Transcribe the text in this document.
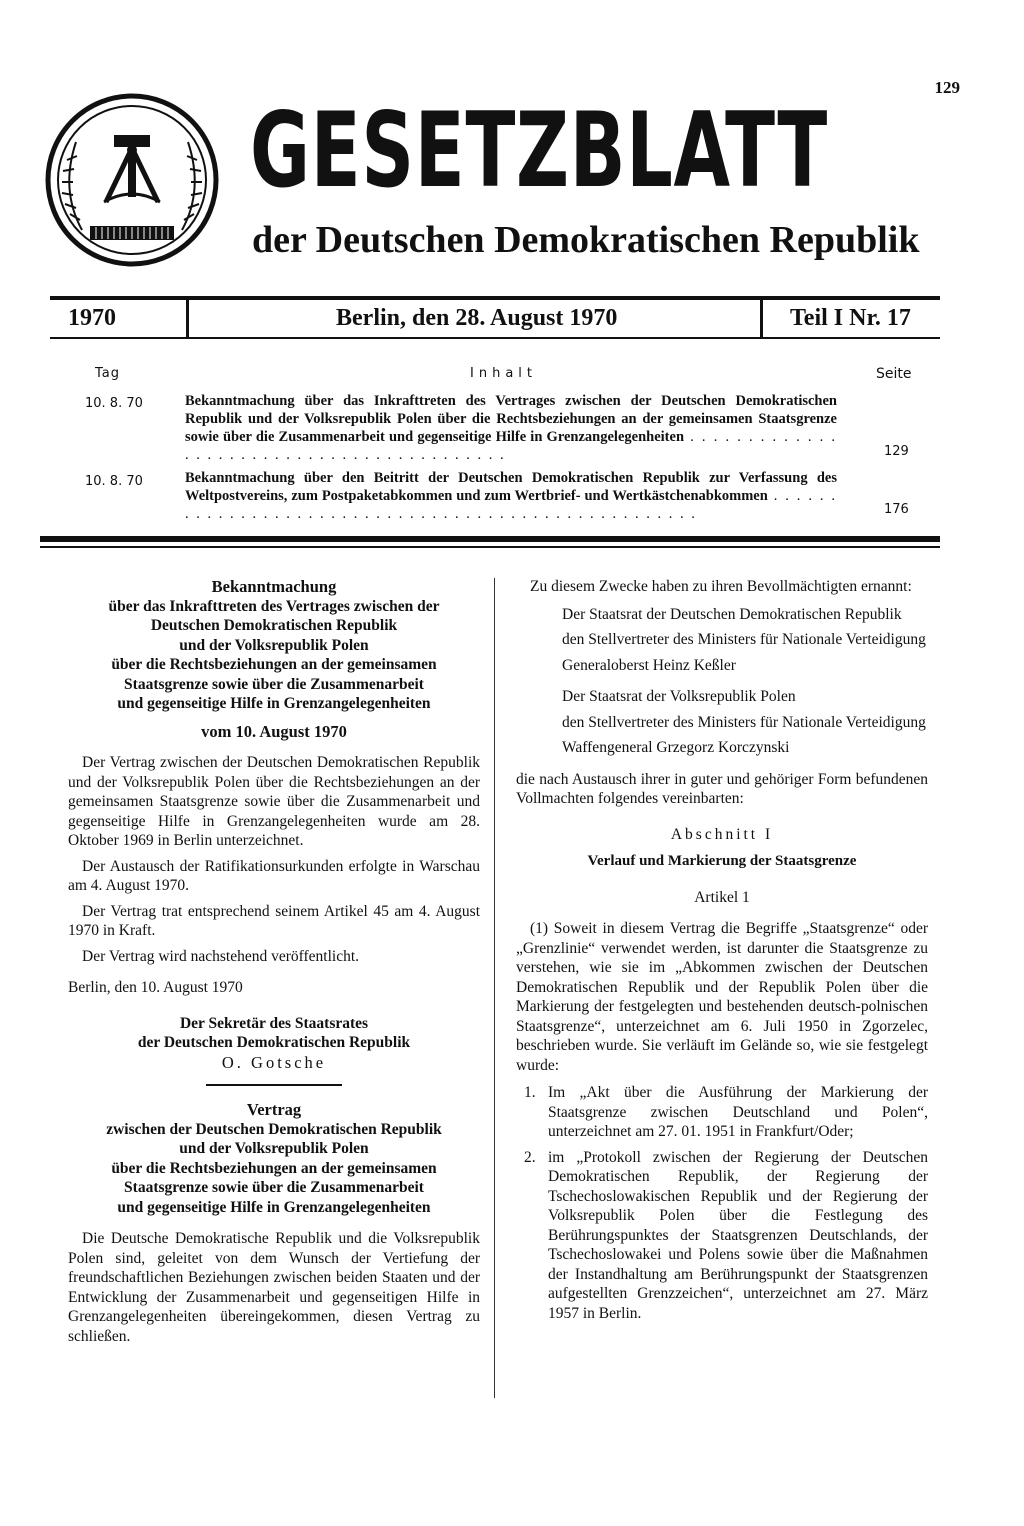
129
GESETZBLATT
der Deutschen Demokratischen Republik
1970	Berlin, den 28. August 1970	Teil I Nr. 17
Tag	Inhalt	Seite
10. 8. 70	Bekanntmachung über das Inkrafttreten des Vertrages zwischen der Deutschen Demokratischen Republik und der Volksrepublik Polen über die Rechtsbeziehungen an der gemeinsamen Staatsgrenze sowie über die Zusammenarbeit und gegenseitige Hilfe in Grenzangelegenheiten . . . . . . . . . . . . . . . . . . . . . . . . . . . . . . . . . . . . . . . . . .	129
10. 8. 70	Bekanntmachung über den Beitritt der Deutschen Demokratischen Republik zur Verfassung des Weltpostvereins, zum Postpaketabkommen und zum Wertbrief- und Wertkästchenabkommen . . . . . . . . . . . . . . . . . . . . . . . . . . . . . . . . . . . . . . . . . . . . . . . . . . . .	176
Bekanntmachung
über das Inkrafttreten des Vertrages zwischen der
Deutschen Demokratischen Republik
und der Volksrepublik Polen
über die Rechtsbeziehungen an der gemeinsamen
Staatsgrenze sowie über die Zusammenarbeit
und gegenseitige Hilfe in Grenzangelegenheiten
vom 10. August 1970

Der Vertrag zwischen der Deutschen Demokratischen Republik und der Volksrepublik Polen über die Rechtsbeziehungen an der gemeinsamen Staatsgrenze sowie über die Zusammenarbeit und gegenseitige Hilfe in Grenzangelegenheiten wurde am 28. Oktober 1969 in Berlin unterzeichnet.

Der Austausch der Ratifikationsurkunden erfolgte in Warschau am 4. August 1970.

Der Vertrag trat entsprechend seinem Artikel 45 am 4. August 1970 in Kraft.

Der Vertrag wird nachstehend veröffentlicht.

Berlin, den 10. August 1970

Der Sekretär des Staatsrates
der Deutschen Demokratischen Republik
O. Gotsche
Vertrag
zwischen der Deutschen Demokratischen Republik
und der Volksrepublik Polen
über die Rechtsbeziehungen an der gemeinsamen
Staatsgrenze sowie über die Zusammenarbeit
und gegenseitige Hilfe in Grenzangelegenheiten

Die Deutsche Demokratische Republik und die Volksrepublik Polen sind, geleitet von dem Wunsch der Vertiefung der freundschaftlichen Beziehungen zwischen beiden Staaten und der Entwicklung der Zusammenarbeit und gegenseitigen Hilfe in Grenzangelegenheiten übereingekommen, diesen Vertrag zu schließen.

Zu diesem Zwecke haben zu ihren Bevollmächtigten ernannt:

Der Staatsrat der Deutschen Demokratischen Republik

den Stellvertreter des Ministers für Nationale Verteidigung

Generaloberst Heinz Keßler

Der Staatsrat der Volksrepublik Polen

den Stellvertreter des Ministers für Nationale Verteidigung

Waffengeneral Grzegorz Korczynski

die nach Austausch ihrer in guter und gehöriger Form befundenen Vollmachten folgendes vereinbarten:

Abschnitt I
Verlauf und Markierung der Staatsgrenze
Artikel 1

(1) Soweit in diesem Vertrag die Begriffe „Staatsgrenze“ oder „Grenzlinie“ verwendet werden, ist darunter die Staatsgrenze zu verstehen, wie sie im „Abkommen zwischen der Deutschen Demokratischen Republik und der Republik Polen über die Markierung der festgelegten und bestehenden deutsch-polnischen Staatsgrenze“, unterzeichnet am 6. Juli 1950 in Zgorzelec, beschrieben wurde. Sie verläuft im Gelände so, wie sie festgelegt wurde:

1. Im „Akt über die Ausführung der Markierung der Staatsgrenze zwischen Deutschland und Polen“, unterzeichnet am 27. 01. 1951 in Frankfurt/Oder;
2. im „Protokoll zwischen der Regierung der Deutschen Demokratischen Republik, der Regierung der Tschechoslowakischen Republik und der Regierung der Volksrepublik Polen über die Festlegung des Berührungspunktes der Staatsgrenzen Deutschlands, der Tschechoslowakei und Polens sowie über die Maßnahmen der Instandhaltung am Berührungspunkt der Staatsgrenzen aufgestellten Grenzzeichen“, unterzeichnet am 27. März 1957 in Berlin.
